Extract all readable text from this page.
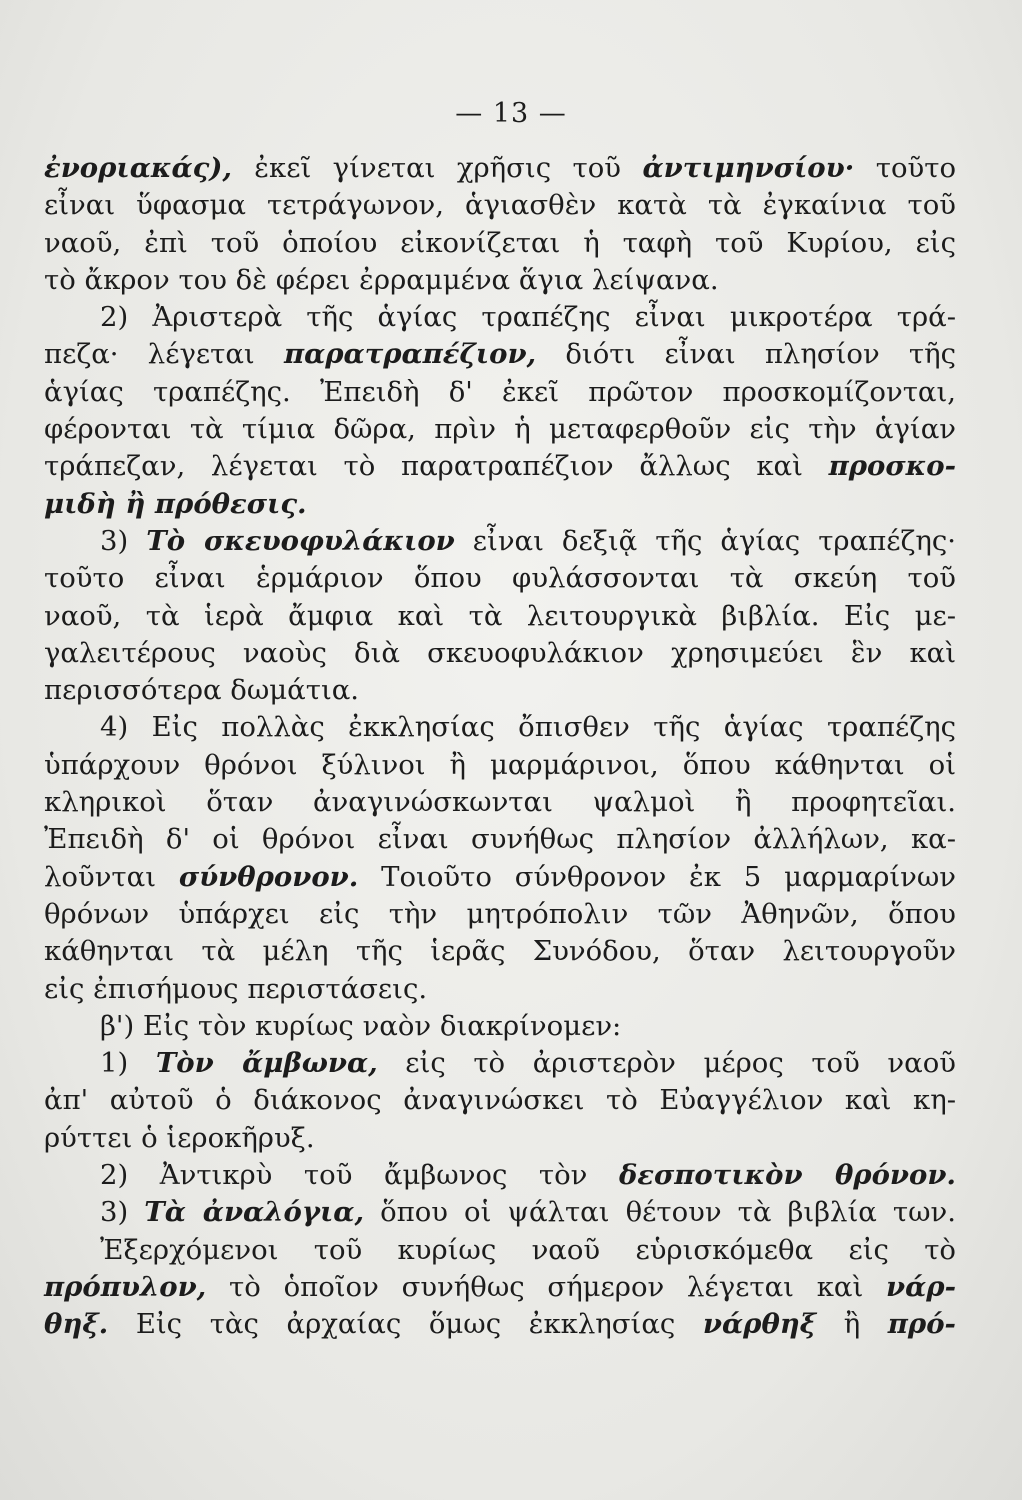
— 13 —
ἐνοριακάς), ἐκεῖ γίνεται χρῆσις τοῦ ἀντιμηνσίου· τοῦτο
εἶναι ὕφασμα τετράγωνον, ἁγιασθὲν κατὰ τὰ ἐγκαίνια τοῦ
ναοῦ, ἐπὶ τοῦ ὁποίου εἰκονίζεται ἡ ταφὴ τοῦ Κυρίου, εἰς
τὸ ἄκρον του δὲ φέρει ἐρραμμένα ἅγια λείψανα.
2) Ἀριστερὰ τῆς ἁγίας τραπέζης εἶναι μικροτέρα τρά-
πεζα· λέγεται παρατραπέζιον, διότι εἶναι πλησίον τῆς
ἁγίας τραπέζης. Ἐπειδὴ δ' ἐκεῖ πρῶτον προσκομίζονται,
φέρονται τὰ τίμια δῶρα, πρὶν ἡ μεταφερθοῦν εἰς τὴν ἁγίαν
τράπεζαν, λέγεται τὸ παρατραπέζιον ἄλλως καὶ προσκο-
μιδὴ ἢ πρόθεσις.
3) Τὸ σκευοφυλάκιον εἶναι δεξιᾷ τῆς ἁγίας τραπέζης·
τοῦτο εἶναι ἑρμάριον ὅπου φυλάσσονται τὰ σκεύη τοῦ
ναοῦ, τὰ ἱερὰ ἄμφια καὶ τὰ λειτουργικὰ βιβλία. Εἰς με-
γαλειτέρους ναοὺς διὰ σκευοφυλάκιον χρησιμεύει ἓν καὶ
περισσότερα δωμάτια.
4) Εἰς πολλὰς ἐκκλησίας ὄπισθεν τῆς ἁγίας τραπέζης
ὑπάρχουν θρόνοι ξύλινοι ἢ μαρμάρινοι, ὅπου κάθηνται οἱ
κληρικοὶ ὅταν ἀναγινώσκωνται ψαλμοὶ ἢ προφητεῖαι.
Ἐπειδὴ δ' οἱ θρόνοι εἶναι συνήθως πλησίον ἀλλήλων, κα-
λοῦνται σύνθρονον. Τοιοῦτο σύνθρονον ἐκ 5 μαρμαρίνων
θρόνων ὑπάρχει εἰς τὴν μητρόπολιν τῶν Ἀθηνῶν, ὅπου
κάθηνται τὰ μέλη τῆς ἱερᾶς Συνόδου, ὅταν λειτουργοῦν
εἰς ἐπισήμους περιστάσεις.
β') Εἰς τὸν κυρίως ναὸν διακρίνομεν:
1) Τὸν ἄμβωνα, εἰς τὸ ἀριστερὸν μέρος τοῦ ναοῦ
ἀπ' αὐτοῦ ὁ διάκονος ἀναγινώσκει τὸ Εὐαγγέλιον καὶ κη-
ρύττει ὁ ἱεροκῆρυξ.
2) Ἀντικρὺ τοῦ ἄμβωνος τὸν δεσποτικὸν θρόνον.
3) Τὰ ἀναλόγια, ὅπου οἱ ψάλται θέτουν τὰ βιβλία των.
Ἐξερχόμενοι τοῦ κυρίως ναοῦ εὑρισκόμεθα εἰς τὸ
πρόπυλον, τὸ ὁποῖον συνήθως σήμερον λέγεται καὶ νάρ-
θηξ. Εἰς τὰς ἀρχαίας ὅμως ἐκκλησίας νάρθηξ ἢ πρό-
